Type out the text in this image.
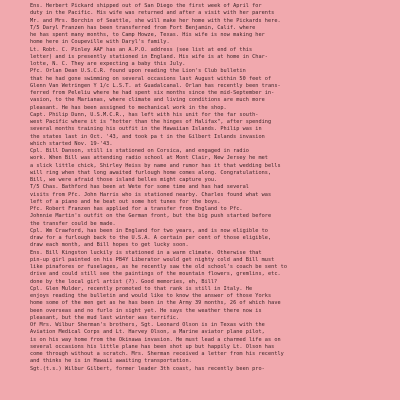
Ens. Herbert Pickard shipped out of San Diego the first week of April for
duty in the Pacific. His wife was returned and after a visit with her parents
Mr. and Mrs. Borchin of Seattle, she will make her home with the Pickards here.
T/5 Daryl Franzen has been transferred from Fort Benjamin, Calif. where
he has spent many months, to Camp Howze, Texas. His wife is now making her
home here in Coupeville with Daryl's family.
Lt. Robt. C. Pinley AAF has an A.P.O. address (see list at end of this
letter) and is presently stationed in England. His wife is at home in Char-
lotte, N. C. They are expecting a baby this July.
Pfc. Orlan Dean U.S.C.R. found upon reading the Lion's Club bulletin
that he had gone swimming on several occasions last August within 50 feet of
Glenn Van Wetringen Y 1/c L.S.T. at Guadalcanal. Orlan has recently been trans-
ferred from Peleliu where he had spent six months since the mid-September in-
vasion, to the Marianas, where climate and living conditions are much more
pleasant. He has been assigned to mechanical work in the shop.
Capt. Philip Dunn, U.S.M.C.R., has left with his unit for the far south-
west Pacific where it is "hotter than the hinges of Halifax", after spending
several months training his outfit in the Hawaiian Islands. Philip was in
the states last in Oct. '43, and took pa t in the Gilbert Islands invasion
which started Nov. 19-'43.
Cpl. Bill Danson, still is stationed on Corsica, and engaged in radio
work. When Bill was attending radio school at Mont Clair, New Jersey he met
a slick little chick, Shirley Heiss by name and rumor has it that wedding bells
will ring when that long awaited furlough home comes along. Congratulations,
Bill, we were afraid those island belles might capture you.
T/5 Chas. Bathford has been at Wete for some time and has had several
visits from Pfc. John Harris who is stationed nearby. Charles found what was
left of a piano and he beat out some hot tunes for the boys.
Pfc. Robert Franzen has applied for a transfer from England to Pfc.
Johnnie Martin's outfit on the German front, but the big push started before
the transfer could be made.
Cpl. Wm Crawford, has been in England for two years, and is now eligible to
draw for a furlough back to the U.S.A. A certain per cent of those eligible,
draw each month, and Bill hopes to get lucky soon.
Ens. Bill Kingston luckily is stationed in a warm climate. Otherwise that
pin-up girl painted on his PB4Y Liberator would get nighty cold and Bill must
like pinafores or fuselages, as he recently saw the old school's coach be sent to
drive and could still see the paintings of the mountain flowers, gremlins, etc.
done by the local girl artist (?). Good memories, eh, Bill?
Cpl. Glen Mulder, recently promoted to that rank is still in Italy. He
enjoys reading the bulletin and would like to know the answer of those Yorks
home some of the men get as he has been in the Army 39 months, 26 of which have
been overseas and no furlo in sight yet. He says the weather there now is
pleasant, but the mud last winter was terrific.
Of Mrs. Wilbur Sherman's brothers, Sgt. Leonard Olson is in Texas with the
Aviation Medical Corps and Lt. Harvey Olson, a Marine aviator plane pilot,
is on his way home from the Okinawa invasion. He must lead a charmed life as on
several occasions his little plane has been shot up but happily Lt. Olson has
come through without a scratch. Mrs. Sherman received a letter from his recently
and thinks he is in Hawaii awaiting transportation.
Sgt.(t.s.) Wilbur Gilbert, former leader 3th coast, has recently been pro-
